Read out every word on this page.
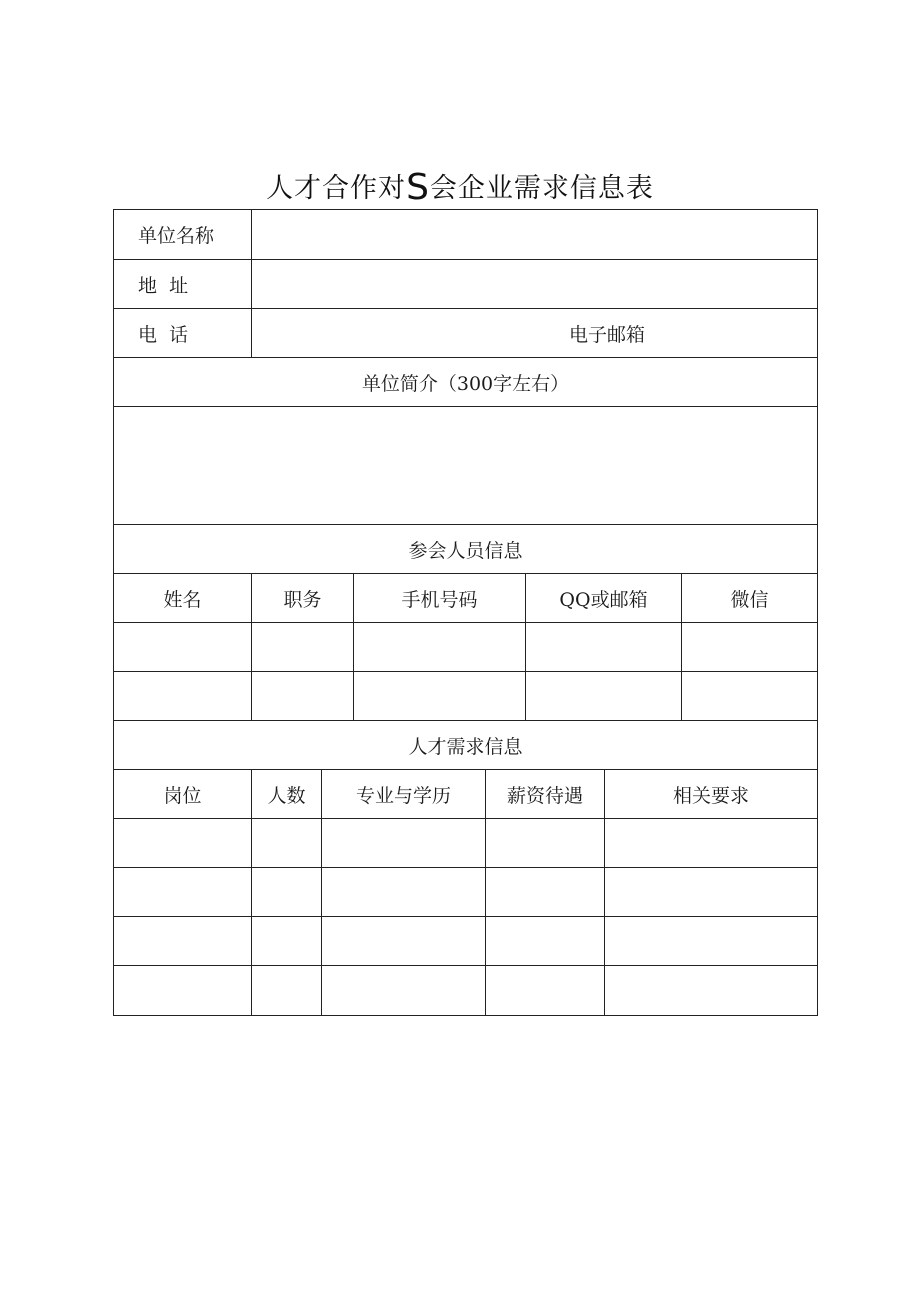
人才合作对S会企业需求信息表
单位名称
地  址
电  话	电子邮箱
单位简介（300字左右）
参会人员信息
姓名	职务	手机号码	QQ或邮箱	微信
人才需求信息
岗位	人数	专业与学历	薪资待遇	相关要求
